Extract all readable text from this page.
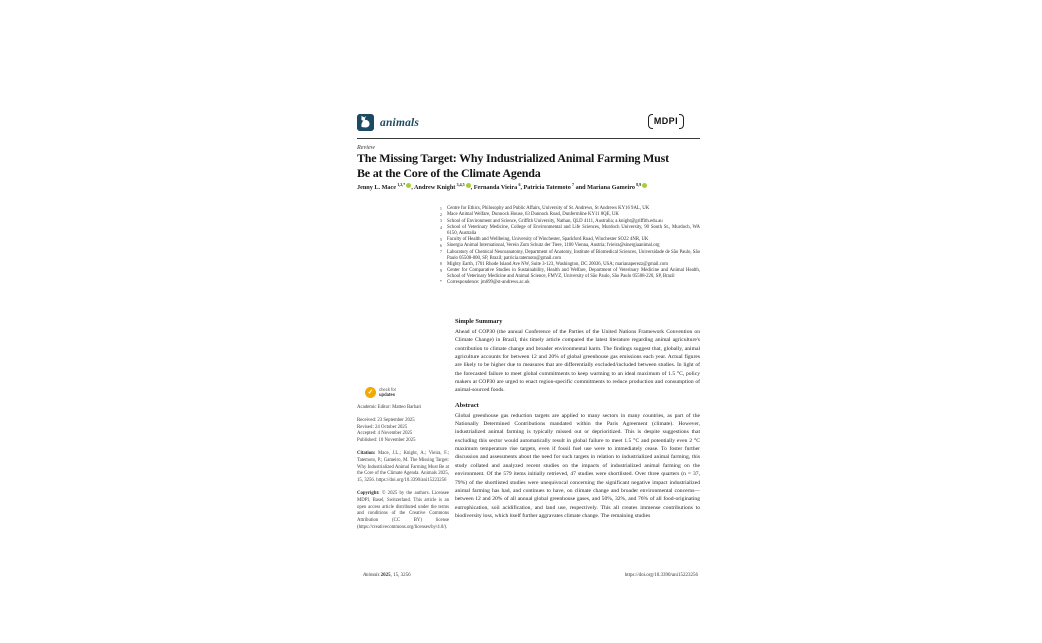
animals	MDPI
Review
The Missing Target: Why Industrialized Animal Farming Must
Be at the Core of the Climate Agenda
Jenny L. Mace $^{1,2,*}$ , Andrew Knight $^{3,4,5}$ , Fernanda Vieira $^6$, Patricia Tatemoto $^7$ and Mariana Gameiro $^{8,9}$
1	Centre for Ethics, Philosophy and Public Affairs, University of St. Andrews, St Andrews KY16 9AL, UK
2	Mace Animal Welfare, Dunnock House, 63 Dunnock Road, Dunfermline KY11 8QE, UK
3	School of Environment and Science, Griffith University, Nathan, QLD 4111, Australia; a.knight@griffith.edu.au
4	School of Veterinary Medicine, College of Environmental and Life Sciences, Murdoch University, 90 South St., Murdoch, WA 6150, Australia
5	Faculty of Health and Wellbeing, University of Winchester, Sparkford Road, Winchester SO22 4NR, UK
6	Sinergia Animal International, Verein Zum Schutz der Tiere, 1180 Vienna, Austria; fvieira@sinergiaanimal.org
7	Laboratory of Chemical Neuroanatomy, Department of Anatomy, Institute of Biomedical Sciences, Universidade de São Paulo, São Paulo 05508-000, SP, Brazil; patricia.tatemoto@gmail.com
8	Mighty Earth, 1701 Rhode Island Ave NW, Suite 3-123, Washington, DC 20036, USA; marianaperezz@gmail.com
9	Center for Comparative Studies in Sustainability, Health and Welfare, Department of Veterinary Medicine and Animal Health, School of Veterinary Medicine and Animal Science, FMVZ, University of São Paulo, São Paulo 05508-220, SP, Brazil
*	Correspondence: jm699@st-andrews.ac.uk
✓	check for
updates
Academic Editor: Matteo Barbari
Received: 23 September 2025
Revised: 24 October 2025
Accepted: 4 November 2025
Published: 10 November 2025
Citation: Mace, J.L.; Knight, A.; Vieira, F.; Tatemoto, P.; Gameiro, M. The Missing Target: Why Industrialized Animal Farming Must Be at the Core of the Climate Agenda. Animals 2025, 15, 3256. https://doi.org/10.3390/ani15223256
Copyright: © 2025 by the authors. Licensee MDPI, Basel, Switzerland. This article is an open access article distributed under the terms and conditions of the Creative Commons Attribution (CC BY) license (https://creativecommons.org/licenses/by/4.0/).
Simple Summary

Ahead of COP30 (the annual Conference of the Parties of the United Nations Framework Convention on Climate Change) in Brazil, this timely article compared the latest literature regarding animal agriculture's contribution to climate change and broader environmental harm. The findings suggest that, globally, animal agriculture accounts for between 12 and 20% of global greenhouse gas emissions each year. Actual figures are likely to be higher due to measures that are differentially excluded/included between studies. In light of the forecasted failure to meet global commitments to keep warming to an ideal maximum of 1.5 °C, policy makers at COP30 are urged to enact region-specific commitments to reduce production and consumption of animal-sourced foods.

Abstract

Global greenhouse gas reduction targets are applied to many sectors in many countries, as part of the Nationally Determined Contributions mandated within the Paris Agreement (climate). However, industrialized animal farming is typically missed out or deprioritized. This is despite suggestions that excluding this sector would automatically result in global failure to meet 1.5 °C and potentially even 2 °C maximum temperature rise targets, even if fossil fuel use were to immediately cease. To foster further discussion and assessments about the need for such targets in relation to industrialized animal farming, this study collated and analyzed recent studies on the impacts of industrialized animal farming on the environment. Of the 579 items initially retrieved, 47 studies were shortlisted. Over three quarters (n = 37, 79%) of the shortlisted studies were unequivocal concerning the significant negative impact industrialized animal farming has had, and continues to have, on climate change and broader environmental concerns—between 12 and 20% of all annual global greenhouse gases, and 50%, 32%, and 76% of all food-originating eutrophication, soil acidification, and land use, respectively. This all creates immense contributions to biodiversity loss, which itself further aggravates climate change. The remaining studies

Animals 2025, 15, 3256	https://doi.org/10.3390/ani15223256
